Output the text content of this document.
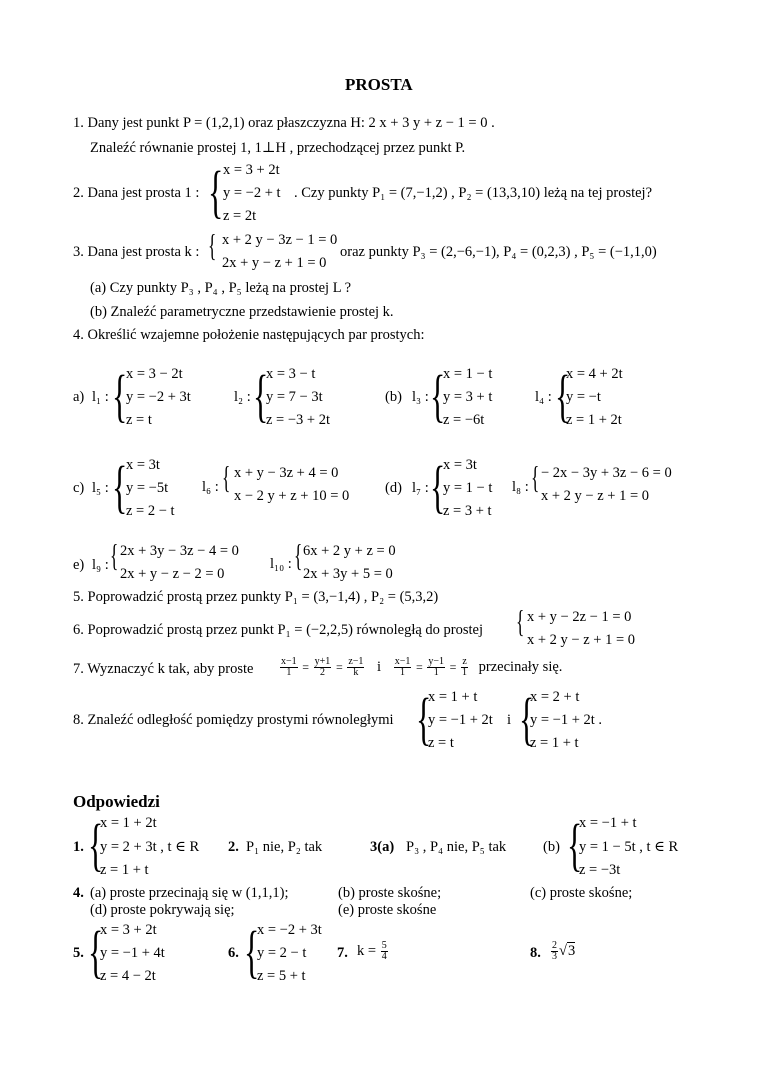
PROSTA
1. Dany jest punkt P = (1,2,1) oraz płaszczyzna H: 2 x + 3 y + z − 1 = 0 .
Znaleźć równanie prostej 1, 1⊥H , przechodzącej przez punkt P.
2. Dana jest prosta 1 : { x = 3 + 2t
y = −2 + t
z = 2t
. Czy punkty P₁ = (7,−1,2) , P₂ = (13,3,10) leżą na tej prostej?
3. Dana jest prosta k : { x + 2 y − 3z − 1 = 0
2x + y − z + 1 = 0
oraz punkty P₃ = (2,−6,−1), P₄ = (0,2,3) , P₅ = (−1,1,0)
(a) Czy punkty P₃ , P₄ , P₅ leżą na prostej L ?
(b) Znaleźć parametryczne przedstawienie prostej k.
4. Określić wzajemne położenie następujących par prostych:
a) l₁ : {
x = 3 − 2t
y = −2 + 3t
z = t
l₂ : {
x = 3 − t
y = 7 − 3t
z = −3 + 2t
(b) l₃ : {
x = 1 − t
y = 3 + t
z = −6t
l₄ : {
x = 4 + 2t
y = −t
z = 1 + 2t
c) l₅ : {
x = 3t
y = −5t
z = 2 − t
l₆ : { x + y − 3z + 4 = 0
x − 2 y + z + 10 = 0 (d) l₇ : {
x = 3t
y = 1 − t
z = 3 + t
l₈ : { − 2x − 3y + 3z − 6 = 0
x + 2 y − z + 1 = 0
e) l₉ : { 2x + 3y − 3z − 4 = 0
2x + y − z − 2 = 0
l₁₀ : { 6x + 2 y + z = 0
2x + 3y + 5 = 0
5. Poprowadzić prostą przez punkty P₁ = (3,−1,4) , P₂ = (5,3,2)
6. Poprowadzić prostą przez punkt P₁ = (−2,2,5) równoległą do prostej { x + y − 2z − 1 = 0
x + 2 y − z + 1 = 0
7. Wyznaczyć k tak, aby proste	$\frac{x-1}{1} = \frac{y+1}{2} = \frac{z-1}{k}$ i $\frac{x-1}{1} = \frac{y-1}{1} = \frac{z}{1}$ przecinały się.
8. Znaleźć odległość pomiędzy prostymi równoległymi {
x = 1 + t
y = −1 + 2t
z = t
i {
x = 2 + t
y = −1 + 2t .
z = 1 + t
Odpowiedzi
1. {
x = 1 + 2t
y = 2 + 3t , t ∈ R
z = 1 + t
2. P₁ nie, P₂ tak	3(a) P₃ , P₄ nie, P₅ tak	(b) {
x = −1 + t
y = 1 − 5t , t ∈ R
z = −3t
4. (a) proste przecinają się w (1,1,1);	(b) proste skośne;	(c) proste skośne;
(d) proste pokrywają się;	(e) proste skośne
5. {
x = 3 + 2t
y = −1 + 4t
z = 4 − 2t
6. {
x = −2 + 3t
y = 2 − t
z = 5 + t
7. $k = \frac{5}{4}$	8. $\frac{2}{3} √3$
